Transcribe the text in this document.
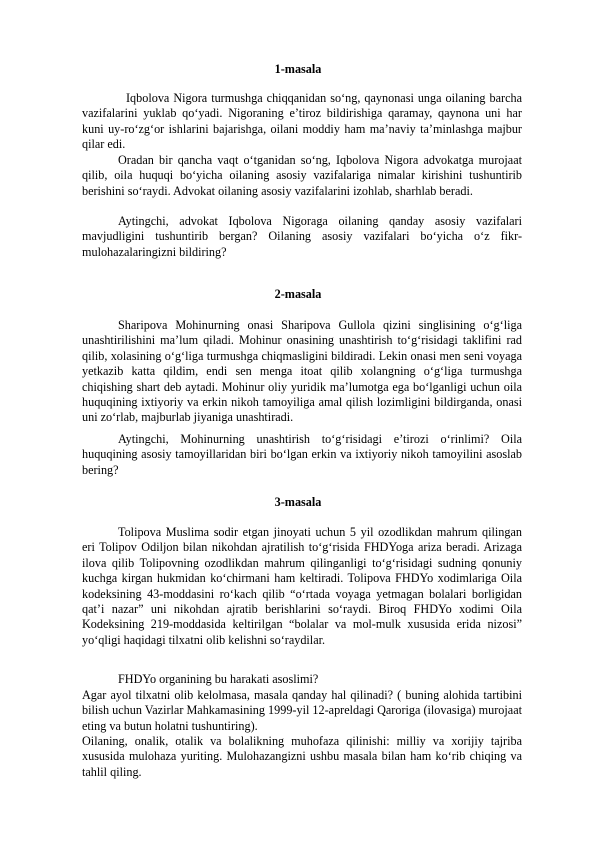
1-masala

Iqbolova Nigora turmushga chiqqanidan so‘ng, qaynonasi unga oilaning barcha vazifalarini yuklab qo‘yadi. Nigoraning e’tiroz bildirishiga qaramay, qaynona uni har kuni uy-ro‘zg‘or ishlarini bajarishga, oilani moddiy ham ma’naviy ta’minlashga majbur qilar edi.

Oradan bir qancha vaqt o‘tganidan so‘ng, Iqbolova Nigora advokatga murojaat qilib, oila huquqi bo‘yicha oilaning asosiy vazifalariga nimalar kirishini tushuntirib berishini so‘raydi. Advokat oilaning asosiy vazifalarini izohlab, sharhlab beradi.

Aytingchi, advokat Iqbolova Nigoraga oilaning qanday asosiy vazifalari mavjudligini tushuntirib bergan? Oilaning asosiy vazifalari bo‘yicha o‘z fikr-mulohazalaringizni bildiring?

2-masala

Sharipova Mohinurning onasi Sharipova Gullola qizini singlisining o‘g‘liga unashtirilishini ma’lum qiladi. Mohinur onasining unashtirish to‘g‘risidagi taklifini rad qilib, xolasining o‘g‘liga turmushga chiqmasligini bildiradi. Lekin onasi men seni voyaga yetkazib katta qildim, endi sen menga itoat qilib xolangning o‘g‘liga turmushga chiqishing shart deb aytadi. Mohinur oliy yuridik ma’lumotga ega bo‘lganligi uchun oila huquqining ixtiyoriy va erkin nikoh tamoyiliga amal qilish lozimligini bildirganda, onasi uni zo‘rlab, majburlab jiyaniga unashtiradi.

Aytingchi, Mohinurning unashtirish to‘g‘risidagi e’tirozi o‘rinlimi? Oila huquqining asosiy tamoyillaridan biri bo‘lgan erkin va ixtiyoriy nikoh tamoyilini asoslab bering?

3-masala

Tolipova Muslima sodir etgan jinoyati uchun 5 yil ozodlikdan mahrum qilingan eri Tolipov Odiljon bilan nikohdan ajratilish to‘g‘risida FHDYoga ariza beradi. Arizaga ilova qilib Tolipovning ozodlikdan mahrum qilinganligi to‘g‘risidagi sudning qonuniy kuchga kirgan hukmidan ko‘chirmani ham keltiradi. Tolipova FHDYo xodimlariga Oila kodeksining 43-moddasini ro‘kach qilib “o‘rtada voyaga yetmagan bolalari borligidan qat’i nazar” uni nikohdan ajratib berishlarini so‘raydi. Biroq FHDYo xodimi Oila Kodeksining 219-moddasida keltirilgan “bolalar va mol-mulk xususida erida nizosi” yo‘qligi haqidagi tilxatni olib kelishni so‘raydilar.

FHDYo organining bu harakati asoslimi?

Agar ayol tilxatni olib kelolmasa, masala qanday hal qilinadi? ( buning alohida tartibini bilish uchun Vazirlar Mahkamasining 1999-yil 12-apreldagi Qaroriga (ilovasiga) murojaat eting va butun holatni tushuntiring).

Oilaning, onalik, otalik va bolalikning muhofaza qilinishi: milliy va xorijiy tajriba xususida mulohaza yuriting. Mulohazangizni ushbu masala bilan ham ko‘rib chiqing va tahlil qiling.
